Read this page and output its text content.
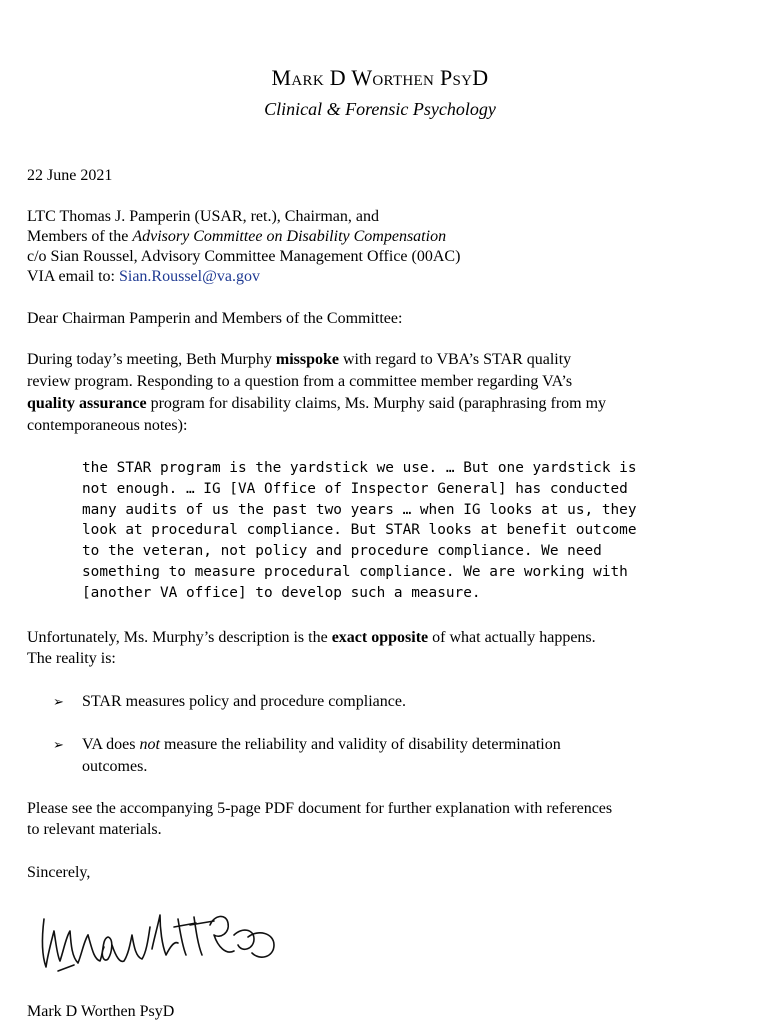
Mark D Worthen PsyD
Clinical & Forensic Psychology
22 June 2021
LTC Thomas J. Pamperin (USAR, ret.), Chairman, and
Members of the Advisory Committee on Disability Compensation
c/o Sian Roussel, Advisory Committee Management Office (00AC)
VIA email to: Sian.Roussel@va.gov
Dear Chairman Pamperin and Members of the Committee:
During today’s meeting, Beth Murphy misspoke with regard to VBA’s STAR quality
review program. Responding to a question from a committee member regarding VA’s
quality assurance program for disability claims, Ms. Murphy said (paraphrasing from my
contemporaneous notes):
the STAR program is the yardstick we use. … But one yardstick is
not enough. … IG [VA Office of Inspector General] has conducted
many audits of us the past two years … when IG looks at us, they
look at procedural compliance. But STAR looks at benefit outcome
to the veteran, not policy and procedure compliance. We need
something to measure procedural compliance. We are working with
[another VA office] to develop such a measure.
Unfortunately, Ms. Murphy’s description is the exact opposite of what actually happens.
The reality is:
➢ STAR measures policy and procedure compliance.
➢ VA does not measure the reliability and validity of disability determination
outcomes.
Please see the accompanying 5-page PDF document for further explanation with references
to relevant materials.
Sincerely,
Mark D Worthen PsyD
